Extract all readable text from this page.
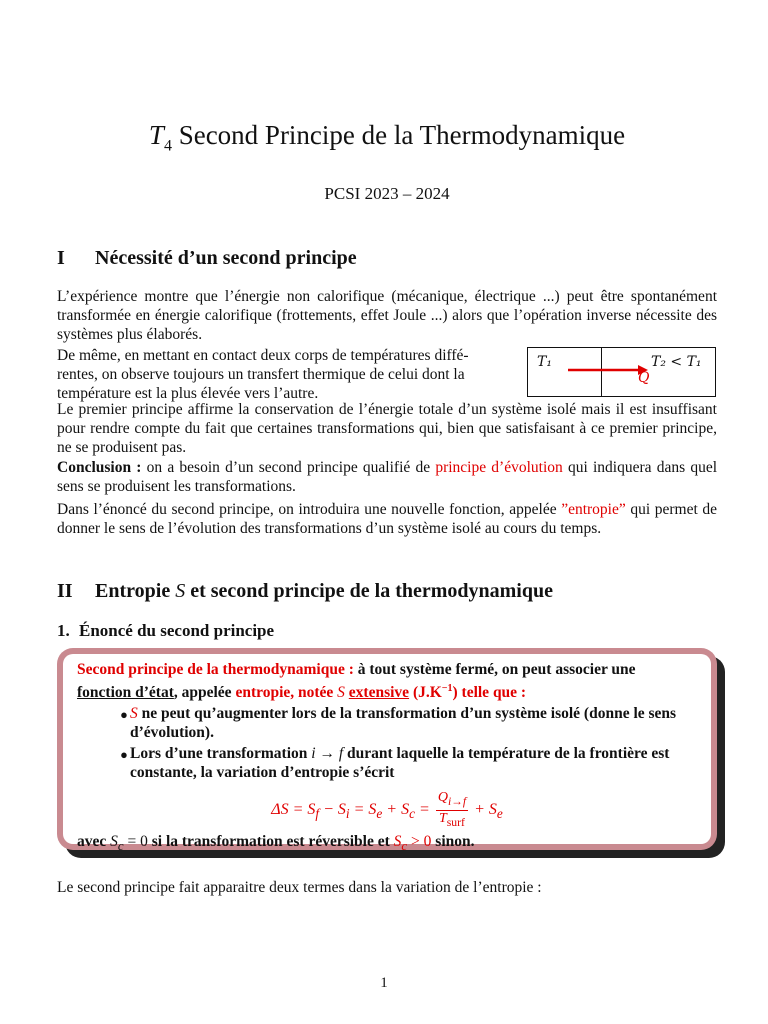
$T_4$ Second Principe de la Thermodynamique
PCSI 2023 – 2024
I Nécessité d’un second principe

L’expérience montre que l’énergie non calorifique (mécanique, électrique ...) peut être spontanément transformée en énergie calorifique (frottements, effet Joule ...) alors que l’opération inverse nécessite des systèmes plus élaborés.

De même, en mettant en contact deux corps de températures diffé-
rentes, on observe toujours un transfert thermique de celui dont la
température est la plus élevée vers l’autre.

T₁	T₂ < T₁
Q

Le premier principe affirme la conservation de l’énergie totale d’un système isolé mais il est insuffisant pour rendre compte du fait que certaines transformations qui, bien que satisfaisant à ce premier principe, ne se produisent pas.

Conclusion : on a besoin d’un second principe qualifié de principe d’évolution qui indiquera dans quel sens se produisent les transformations.

Dans l’énoncé du second principe, on introduira une nouvelle fonction, appelée ”entropie” qui permet de donner le sens de l’évolution des transformations d’un système isolé au cours du temps.

II Entropie S et second principe de la thermodynamique
1. Énoncé du second principe
Second principe de la thermodynamique : à tout système fermé, on peut associer une
fonction d’état, appelée entropie, notée S extensive $(J.K^{-1})$ telle que :
• S ne peut qu’augmenter lors de la transformation d’un système isolé (donne le sens d’évolution).
• Lors d’une transformation i → f durant laquelle la température de la frontière est constante, la variation d’entropie s’écrit
$\Delta S = S_f - S_i = S_e + S_c = \frac{Q_{i\to f}}{T_{surf}} + S_e$
avec $S_c = 0$ si la transformation est réversible et $S_c > 0$ sinon.

Le second principe fait apparaitre deux termes dans la variation de l’entropie :

1
